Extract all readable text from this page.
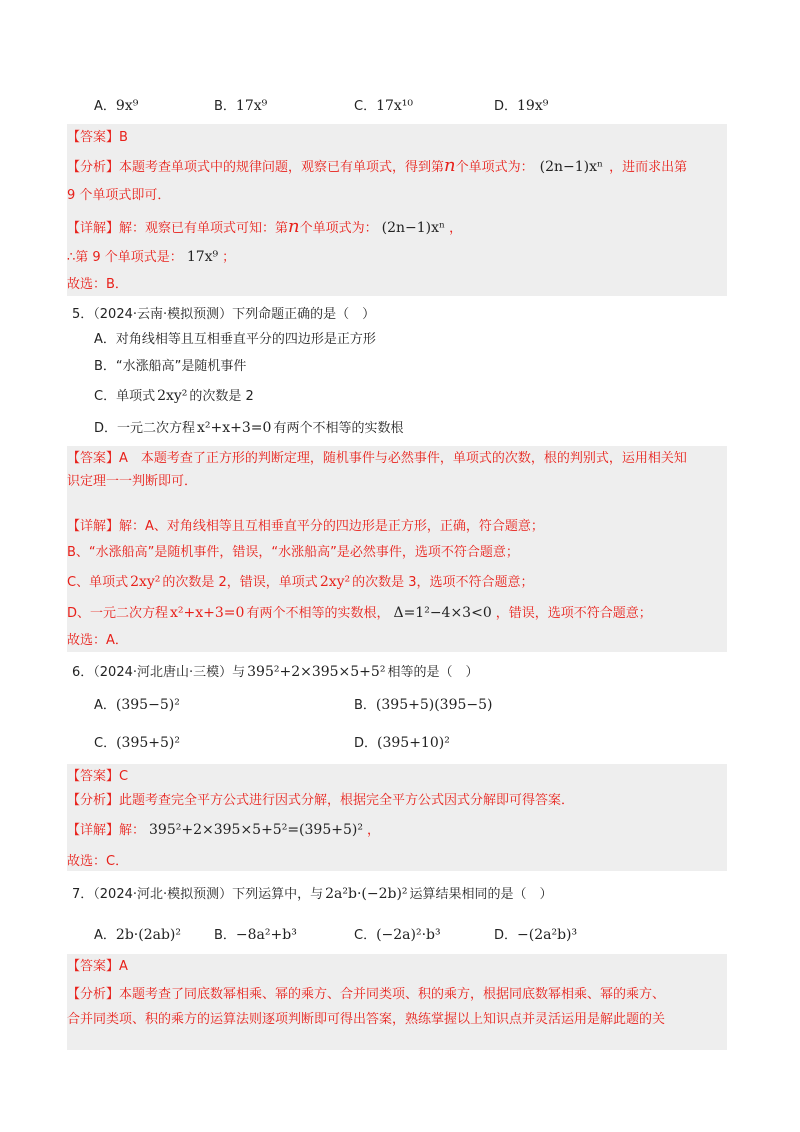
A．9x⁹	B．17x⁹	C．17x¹⁰	D．19x⁹
【答案】B
【分析】本题考查单项式中的规律问题，观察已有单项式，得到第n个单项式为： (2n−1)xⁿ ，进而求出第
9 个单项式即可．
【详解】解：观察已有单项式可知：第n个单项式为： (2n−1)xⁿ ，
∴第 9 个单项式是： 17x⁹ ；
故选：B．
5．（2024·云南·模拟预测）下列命题正确的是（　）
A．对角线相等且互相垂直平分的四边形是正方形
B．“水涨船高”是随机事件
C．单项式 2xy² 的次数是 2
D．一元二次方程 x²+x+3=0 有两个不相等的实数根
【答案】A　本题考查了正方形的判断定理，随机事件与必然事件，单项式的次数，根的判别式，运用相关知
识定理一一判断即可．
【详解】解：A、对角线相等且互相垂直平分的四边形是正方形，正确，符合题意；
B、“水涨船高”是随机事件，错误，“水涨船高”是必然事件，选项不符合题意；
C、单项式 2xy² 的次数是 2，错误，单项式 2xy² 的次数是 3，选项不符合题意；
D、一元二次方程 x²+x+3=0 有两个不相等的实数根， Δ=1²−4×3<0 ，错误，选项不符合题意；
故选：A．
6．（2024·河北唐山·三模）与 395²+2×395×5+5² 相等的是（　）
A．(395−5)²	B．(395+5)(395−5)
C．(395+5)²	D．(395+10)²
【答案】C
【分析】此题考查完全平方公式进行因式分解，根据完全平方公式因式分解即可得答案．
【详解】解： 395²+2×395×5+5²=(395+5)² ，
故选：C．
7．（2024·河北·模拟预测）下列运算中，与 2a²b·(−2b)² 运算结果相同的是（　）
A．2b·(2ab)²	B．−8a²+b³	C．(−2a)²·b³	D．−(2a²b)³
【答案】A
【分析】本题考查了同底数幂相乘、幂的乘方、合并同类项、积的乘方，根据同底数幂相乘、幂的乘方、
合并同类项、积的乘方的运算法则逐项判断即可得出答案，熟练掌握以上知识点并灵活运用是解此题的关
